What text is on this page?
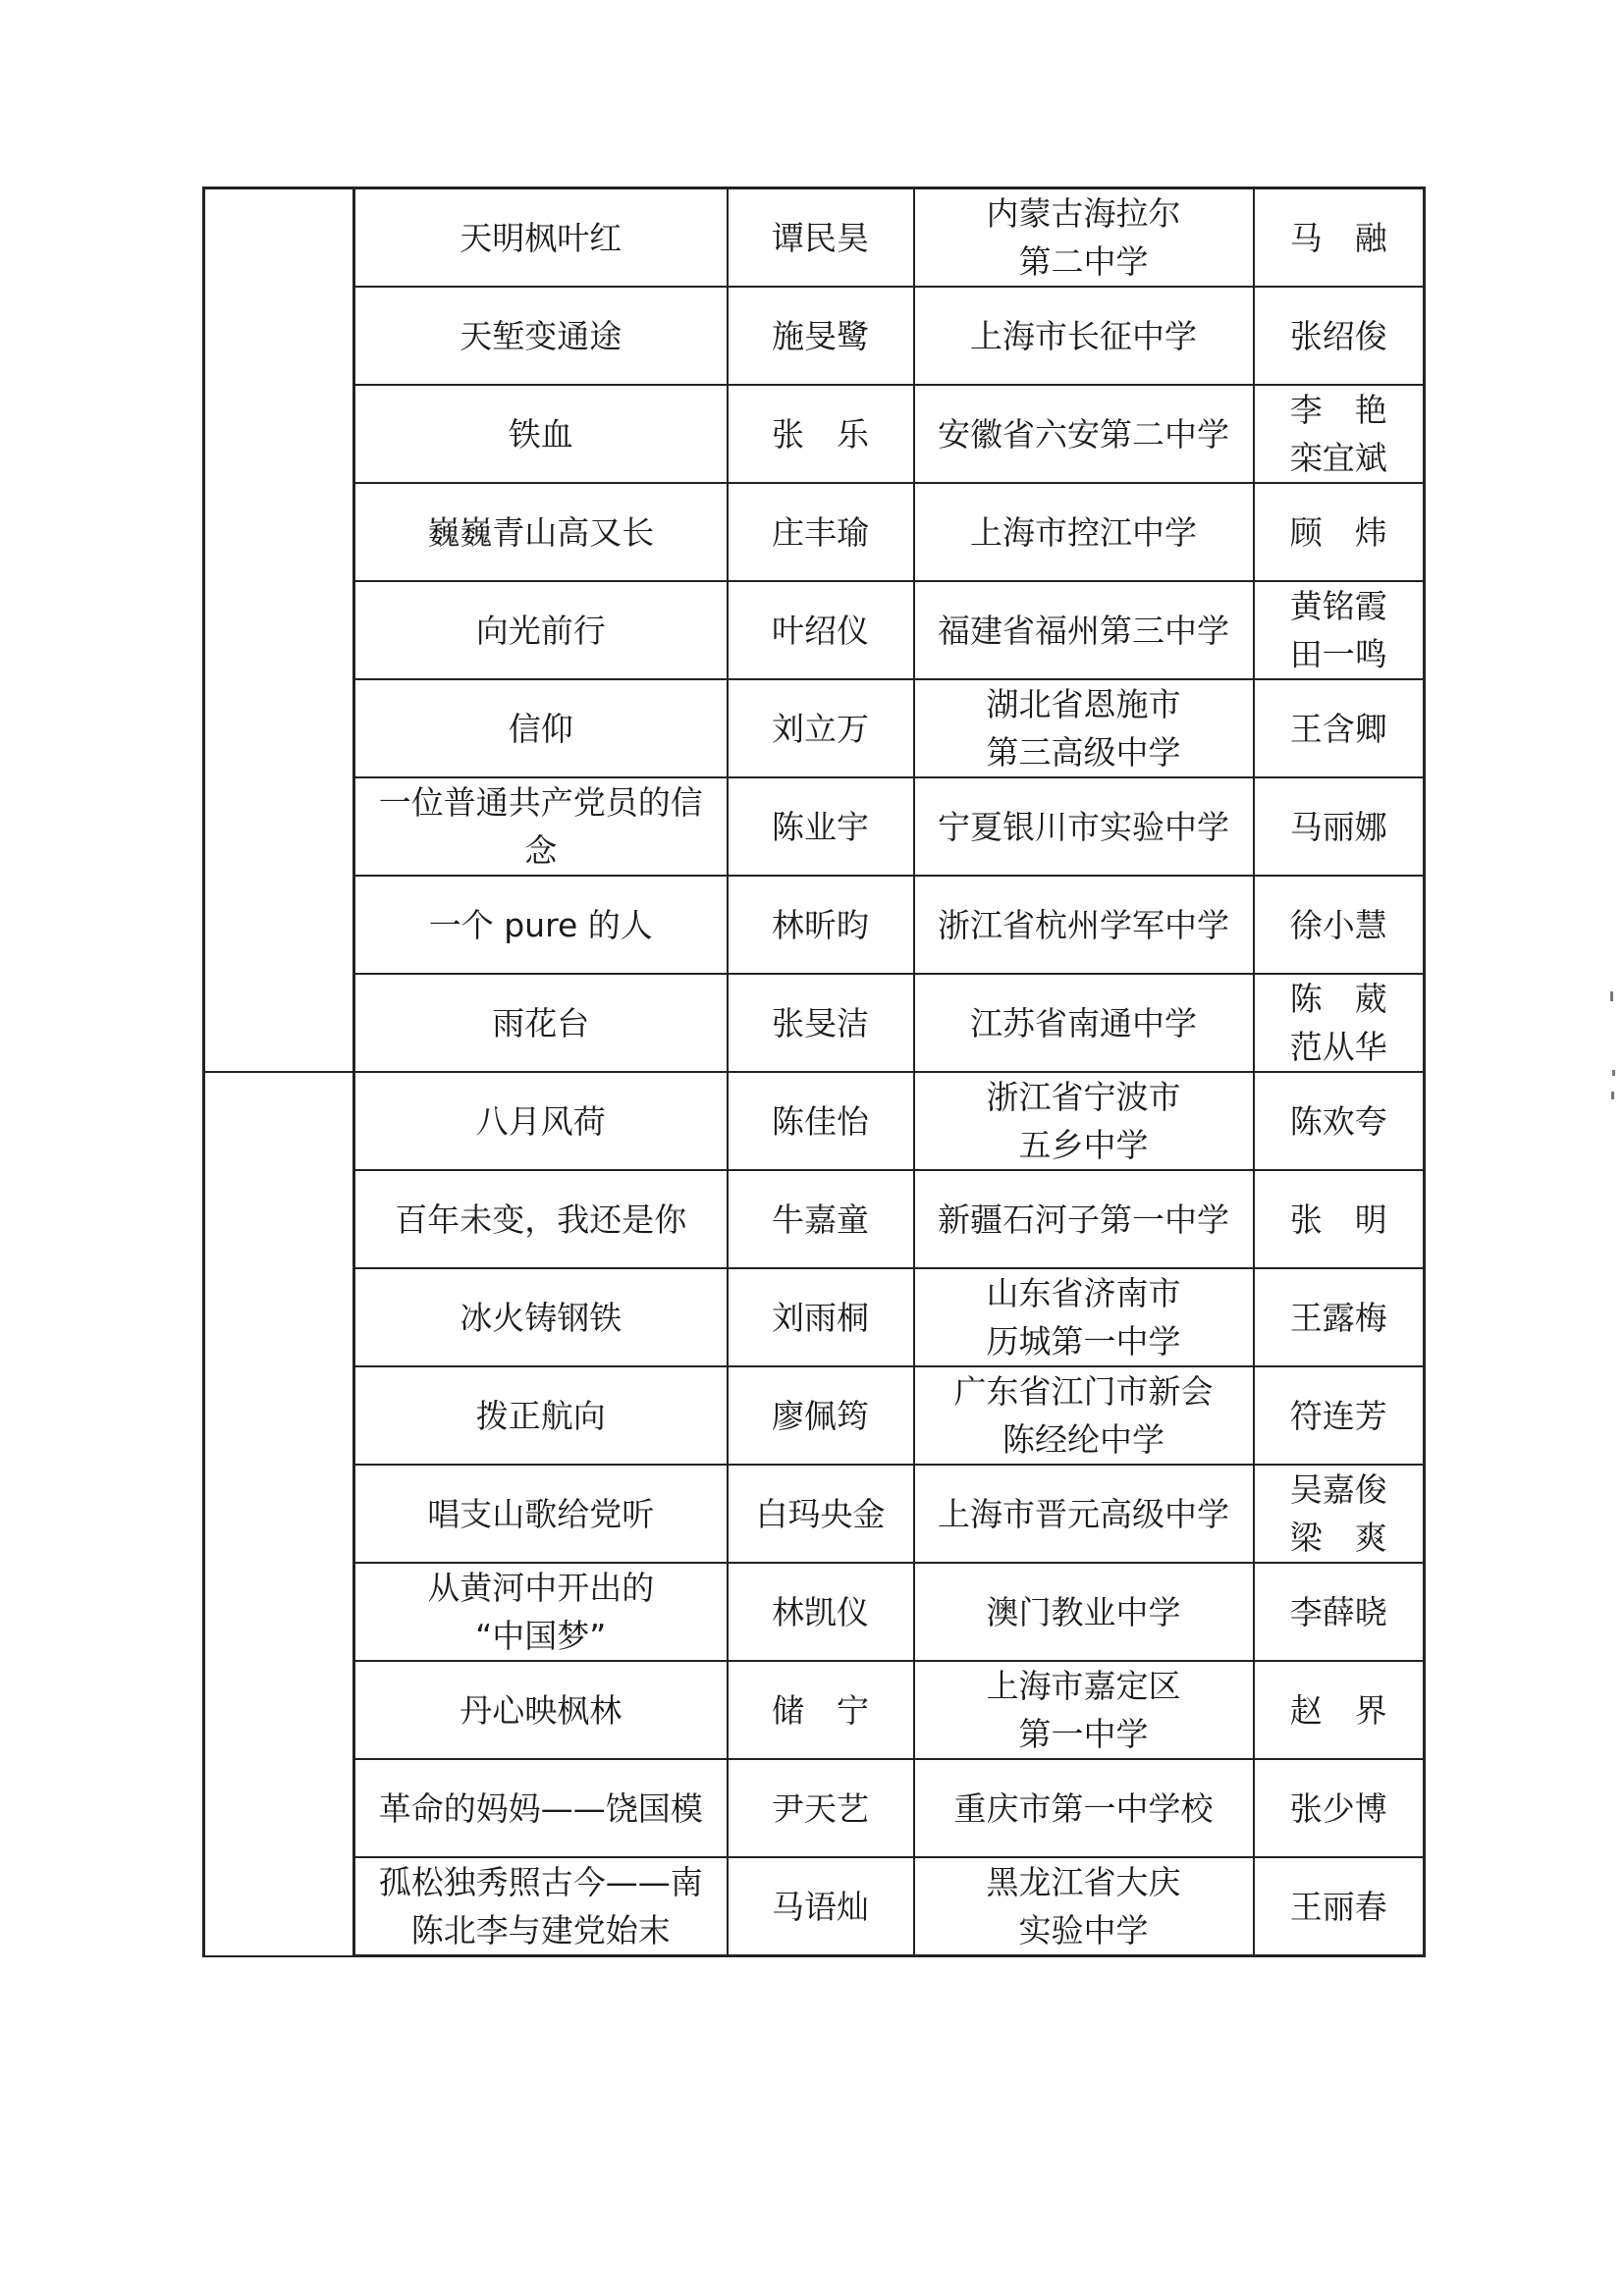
	天明枫叶红	谭民昊	内蒙古海拉尔
第二中学	马　融

	天堑变通途	施旻鹭	上海市长征中学	张绍俊

	铁血	张　乐	安徽省六安第二中学	李　艳
栾宜斌

	巍巍青山高又长	庄丰瑜	上海市控江中学	顾　炜

	向光前行	叶绍仪	福建省福州第三中学	黄铭霞
田一鸣

	信仰	刘立万	湖北省恩施市
第三高级中学	王含卿

	一位普通共产党员的信
念	陈业宇	宁夏银川市实验中学	马丽娜

	一个 pure 的人	林昕昀	浙江省杭州学军中学	徐小慧

	雨花台	张旻洁	江苏省南通中学	陈　葳
范从华

	八月风荷	陈佳怡	浙江省宁波市
五乡中学	陈欢夸

	百年未变，我还是你	牛嘉童	新疆石河子第一中学	张　明

	冰火铸钢铁	刘雨桐	山东省济南市
历城第一中学	王露梅

	拨正航向	廖佩筠	广东省江门市新会
陈经纶中学	符连芳

	唱支山歌给党听	白玛央金	上海市晋元高级中学	吴嘉俊
梁　爽

	从黄河中开出的
“中国梦”	林凯仪	澳门教业中学	李薛晓

	丹心映枫林	储　宁	上海市嘉定区
第一中学	赵　界

	革命的妈妈——饶国模	尹天艺	重庆市第一中学校	张少博

	孤松独秀照古今——南
陈北李与建党始末	马语灿	黑龙江省大庆
实验中学	王丽春
